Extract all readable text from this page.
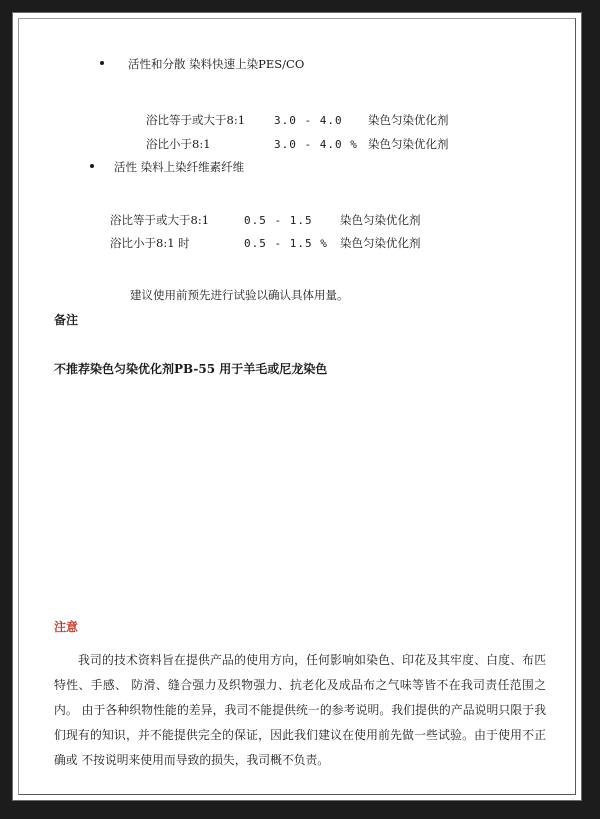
活性和分散 染料快速上染PES/CO
浴比等于或大于8:1	3.0 - 4.0 染色匀染优化剂
浴比小于8:1	3.0 - 4.0 % 染色匀染优化剂
活性 染料上染纤维素纤维
浴比等于或大于8:1	0.5 - 1.5 染色匀染优化剂
浴比小于8:1 时	0.5 - 1.5 % 染色匀染优化剂
建议使用前预先进行试验以确认具体用量。
备注
不推荐染色匀染优化剂PB-55 用于羊毛或尼龙染色
注意

我司的技术资料旨在提供产品的使用方向，任何影响如染色、印花及其牢度、白度、布匹特性、手感、 防滑、缝合强力及织物强力、抗老化及成品布之气味等皆不在我司责任范围之内。 由于各种织物性能的差异，我司不能提供统一的参考说明。我们提供的产品说明只限于我们现有的知识，并不能提供完全的保证，因此我们建议在使用前先做一些试验。由于使用不正确或 不按说明来使用而导致的损失，我司概不负责。
